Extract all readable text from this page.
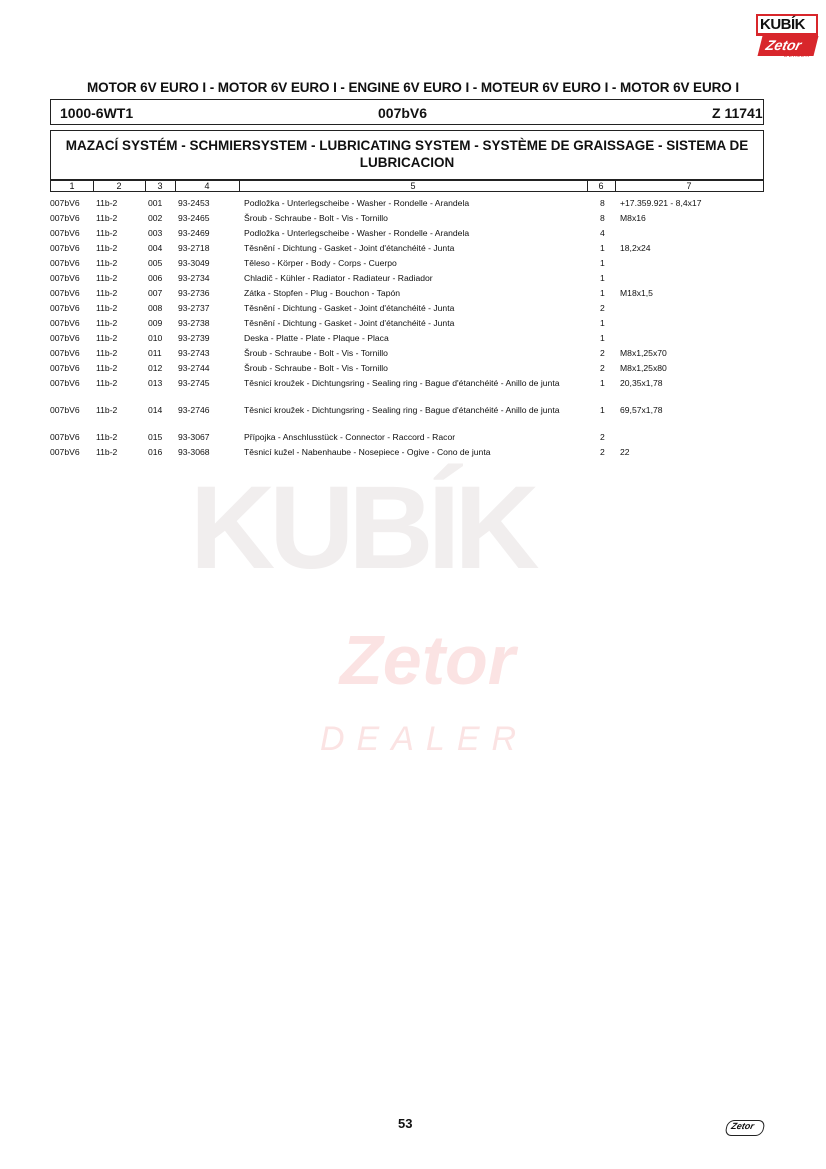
KUBÍK
Zetor
DEALER
KUBÍK
Zetor
DEALER
MOTOR 6V EURO I - MOTOR 6V EURO I - ENGINE 6V EURO I - MOTEUR 6V EURO I - MOTOR 6V EURO I
1000-6WT1	007bV6	Z 11741
MAZACÍ SYSTÉM - SCHMIERSYSTEM - LUBRICATING SYSTEM - SYSTÈME DE GRAISSAGE - SISTEMA DE LUBRICACION
1	2	3	4	5	6	7
007bV6 11b-2	001 93-2453	Podložka - Unterlegscheibe - Washer - Rondelle - Arandela	8 +17.359.921 - 8,4x17
007bV6 11b-2	002 93-2465	Šroub - Schraube - Bolt - Vis - Tornillo	8 M8x16
007bV6 11b-2	003 93-2469	Podložka - Unterlegscheibe - Washer - Rondelle - Arandela	4
007bV6 11b-2	004 93-2718	Těsnění - Dichtung - Gasket - Joint d'étanchéité - Junta	1 18,2x24
007bV6 11b-2	005 93-3049	Těleso - Körper - Body - Corps - Cuerpo	1
007bV6 11b-2	006 93-2734	Chladič - Kühler - Radiator - Radiateur - Radiador	1
007bV6 11b-2	007 93-2736	Zátka - Stopfen - Plug - Bouchon - Tapón	1 M18x1,5
007bV6 11b-2	008 93-2737	Těsnění - Dichtung - Gasket - Joint d'étanchéité - Junta	2
007bV6 11b-2	009 93-2738	Těsnění - Dichtung - Gasket - Joint d'étanchéité - Junta	1
007bV6 11b-2	010 93-2739	Deska - Platte - Plate - Plaque - Placa	1
007bV6 11b-2	011 93-2743	Šroub - Schraube - Bolt - Vis - Tornillo	2 M8x1,25x70
007bV6 11b-2	012 93-2744	Šroub - Schraube - Bolt - Vis - Tornillo	2 M8x1,25x80
007bV6 11b-2	013 93-2745	Těsnicí kroužek - Dichtungsring - Sealing ring - Bague d'étanchéité - Anillo de junta	1 20,35x1,78
007bV6 11b-2	014 93-2746	Těsnicí kroužek - Dichtungsring - Sealing ring - Bague d'étanchéité - Anillo de junta	1 69,57x1,78
007bV6 11b-2	015 93-3067	Přípojka - Anschlusstück - Connector - Raccord - Racor	2
007bV6 11b-2	016 93-3068	Těsnicí kužel - Nabenhaube - Nosepiece - Ogive - Cono de junta	2 22
53	Zetor
